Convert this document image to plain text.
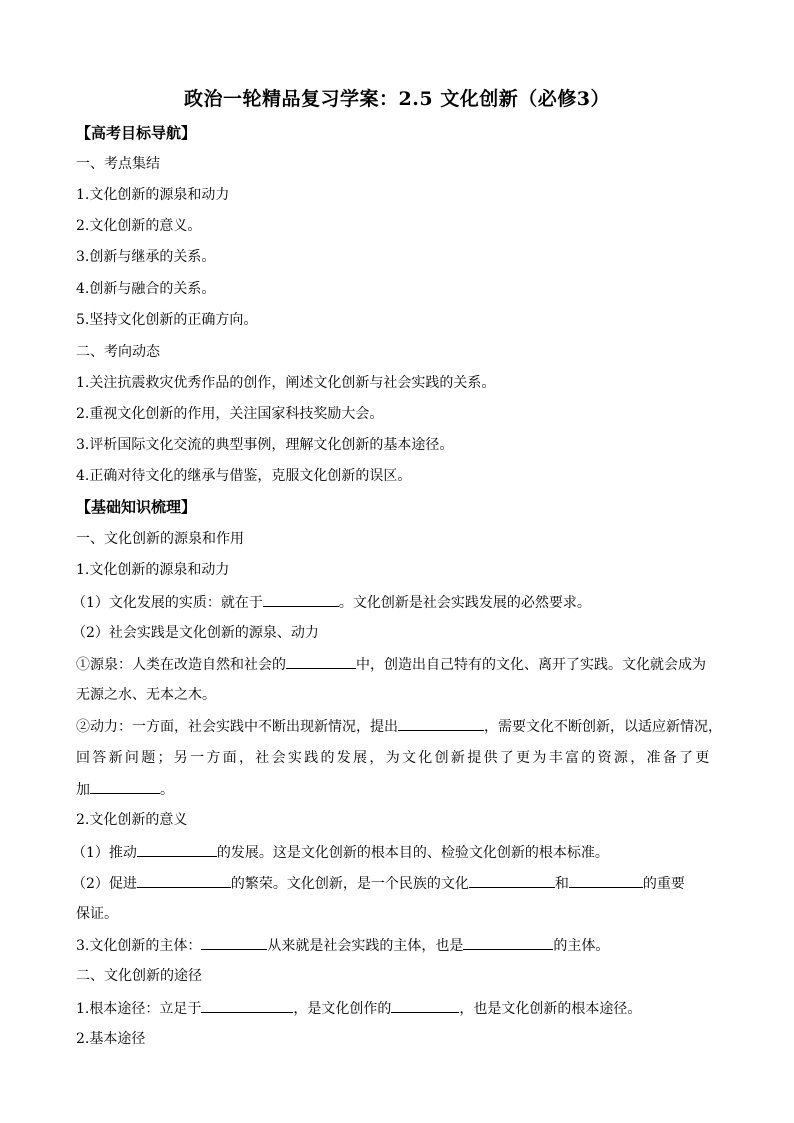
政治一轮精品复习学案：2.5 文化创新（必修3）
【高考目标导航】
一、考点集结
1.文化创新的源泉和动力
2.文化创新的意义。
3.创新与继承的关系。
4.创新与融合的关系。
5.坚持文化创新的正确方向。
二、考向动态
1.关注抗震救灾优秀作品的创作，阐述文化创新与社会实践的关系。
2.重视文化创新的作用，关注国家科技奖励大会。
3.评析国际文化交流的典型事例，理解文化创新的基本途径。
4.正确对待文化的继承与借鉴，克服文化创新的误区。
【基础知识梳理】
一、文化创新的源泉和作用
1.文化创新的源泉和动力
（1）文化发展的实质：就在于	。文化创新是社会实践发展的必然要求。
（2）社会实践是文化创新的源泉、动力
①源泉：人类在改造自然和社会的	中，创造出自己特有的文化、离开了实践。文化就会成为
无源之水、无本之木。
②动力：一方面，社会实践中不断出现新情况，提出	，需要文化不断创新，以适应新情况，
回答新问题；另一方面，社会实践的发展，为文化创新提供了更为丰富的资源，准备了更
加	。
2.文化创新的意义
（1）推动	的发展。这是文化创新的根本目的、检验文化创新的根本标准。
（2）促进	的繁荣。文化创新，是一个民族的文化	和	的重要
保证。
3.文化创新的主体：	从来就是社会实践的主体，也是	的主体。
二、文化创新的途径
1.根本途径：立足于	，是文化创作的	，也是文化创新的根本途径。
2.基本途径
